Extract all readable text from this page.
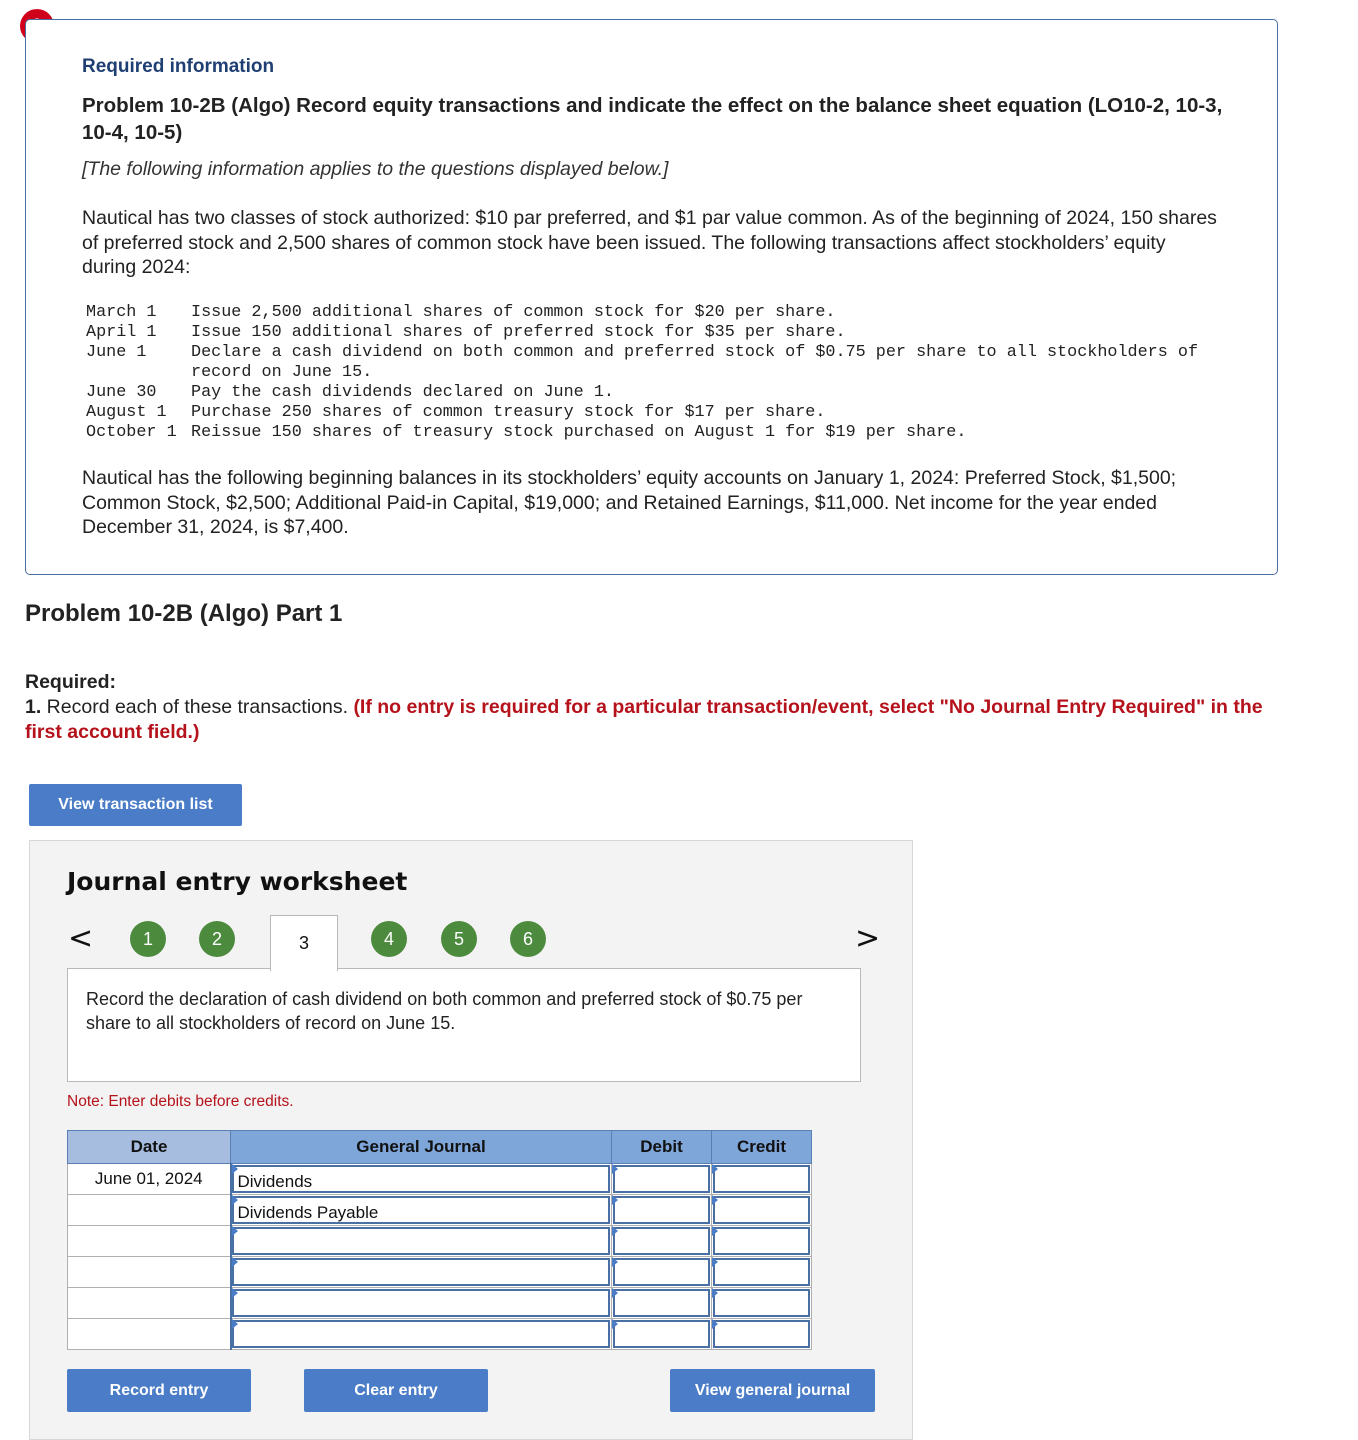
Required information
Problem 10-2B (Algo) Record equity transactions and indicate the effect on the balance sheet equation (LO10-2, 10-3, 10-4, 10-5)
[The following information applies to the questions displayed below.]
Nautical has two classes of stock authorized: $10 par preferred, and $1 par value common. As of the beginning of 2024, 150 shares of preferred stock and 2,500 shares of common stock have been issued. The following transactions affect stockholders’ equity during 2024:
March 1	Issue 2,500 additional shares of common stock for $20 per share.
April 1	Issue 150 additional shares of preferred stock for $35 per share.
June 1	Declare a cash dividend on both common and preferred stock of $0.75 per share to all stockholders of record on June 15.
June 30	Pay the cash dividends declared on June 1.
August 1	Purchase 250 shares of common treasury stock for $17 per share.
October 1	Reissue 150 shares of treasury stock purchased on August 1 for $19 per share.
Nautical has the following beginning balances in its stockholders’ equity accounts on January 1, 2024: Preferred Stock, $1,500; Common Stock, $2,500; Additional Paid-in Capital, $19,000; and Retained Earnings, $11,000. Net income for the year ended December 31, 2024, is $7,400.
Problem 10-2B (Algo) Part 1
Required:
1. Record each of these transactions. (If no entry is required for a particular transaction/event, select "No Journal Entry Required" in the first account field.)
View transaction list
Journal entry worksheet
<	1	2	3	4	5	6	>
Record the declaration of cash dividend on both common and preferred stock of $0.75 per share to all stockholders of record on June 15.
Note: Enter debits before credits.
Date	General Journal	Debit	Credit
June 01, 2024	Dividends		

	Dividends Payable		

Record entry	Clear entry	View general journal
